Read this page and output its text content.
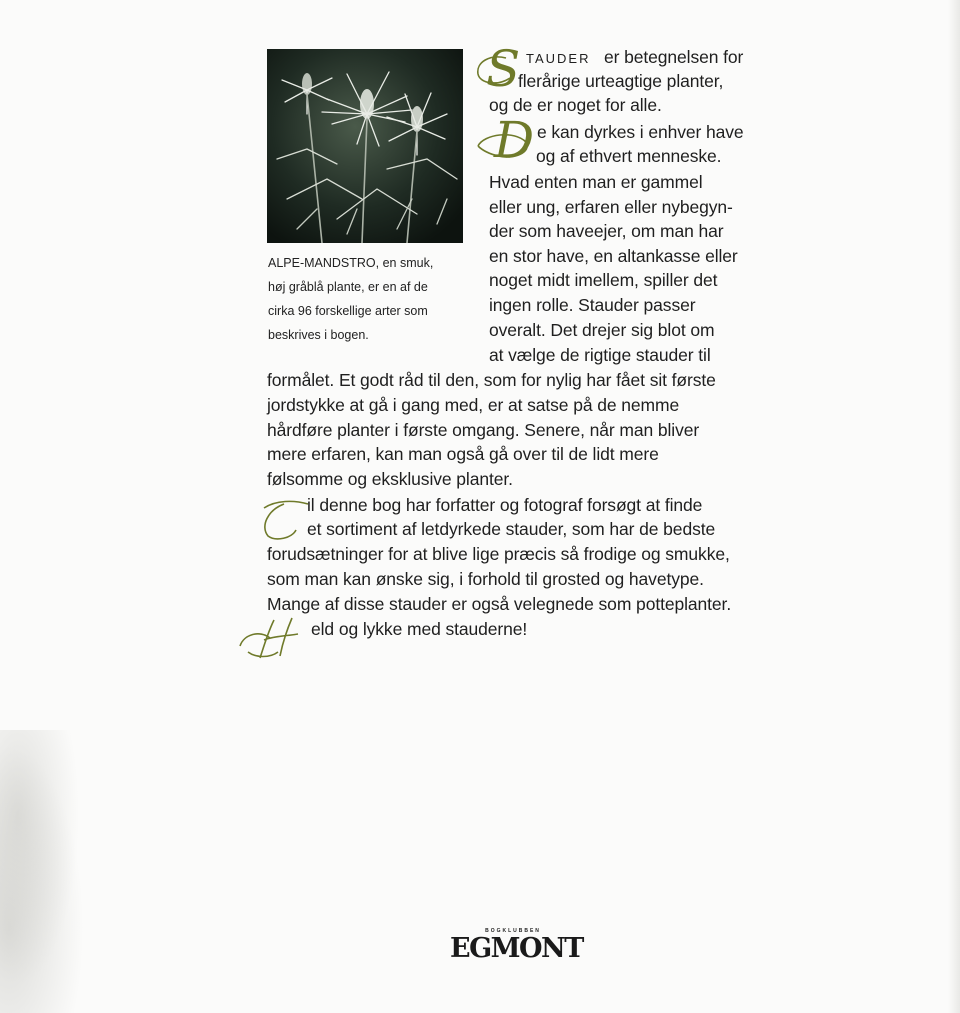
ALPE-MANDSTRO, en smuk,
høj gråblå plante, er en af de
cirka 96 forskellige arter som
beskrives i bogen.
S TAUDER er betegnelsen for
flerårige urteagtige planter,
og de er noget for alle.
D e kan dyrkes i enhver have
og af ethvert menneske.
Hvad enten man er gammel
eller ung, erfaren eller nybegyn-
der som haveejer, om man har
en stor have, en altankasse eller
noget midt imellem, spiller det
ingen rolle. Stauder passer
overalt. Det drejer sig blot om
at vælge de rigtige stauder til
formålet. Et godt råd til den, som for nylig har fået sit første
jordstykke at gå i gang med, er at satse på de nemme
hårdføre planter i første omgang. Senere, når man bliver
mere erfaren, kan man også gå over til de lidt mere
følsomme og eksklusive planter.
il denne bog har forfatter og fotograf forsøgt at finde
et sortiment af letdyrkede stauder, som har de bedste
forudsætninger for at blive lige præcis så frodige og smukke,
som man kan ønske sig, i forhold til grosted og havetype.
Mange af disse stauder er også velegnede som potteplanter.
eld og lykke med stauderne!
BOGKLUBBEN
EGMONT
